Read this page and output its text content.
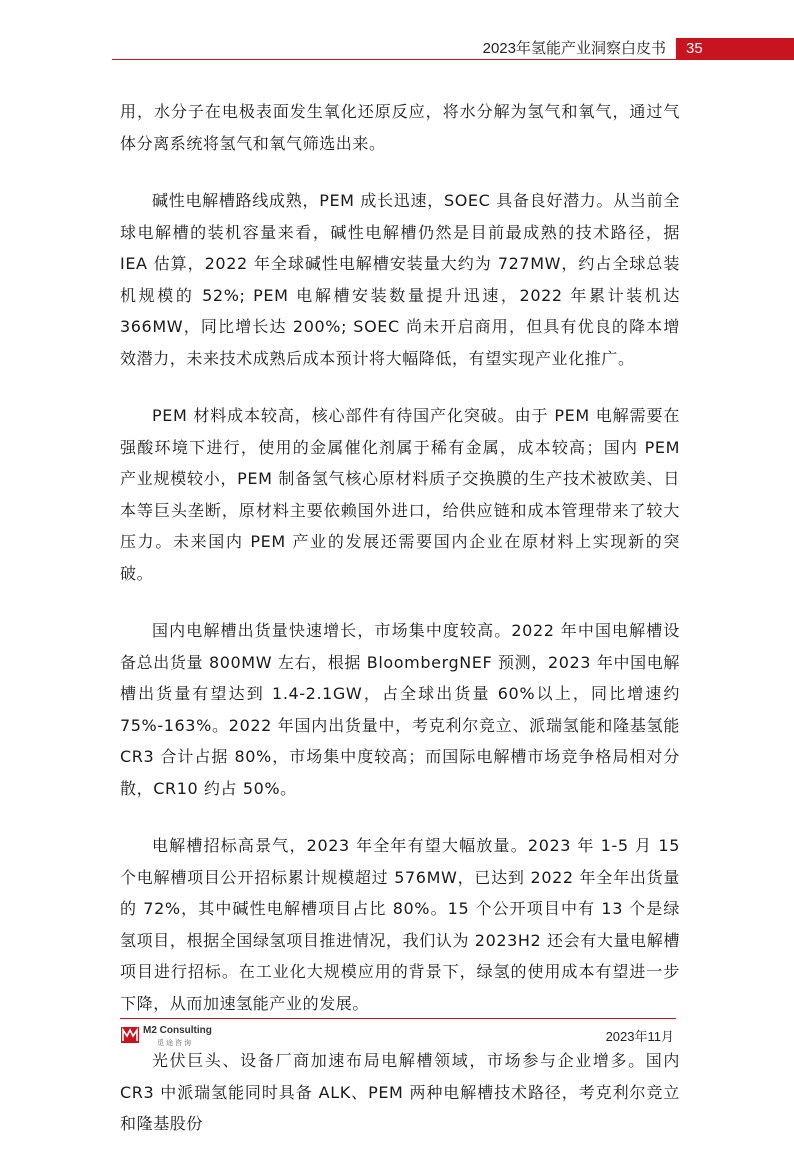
2023年氢能产业洞察白皮书 35

用，水分子在电极表面发生氧化还原反应，将水分解为氢气和氧气，通过气体分离系统将氢气和氧气筛选出来。

碱性电解槽路线成熟，PEM 成长迅速，SOEC 具备良好潜力。从当前全球电解槽的装机容量来看，碱性电解槽仍然是目前最成熟的技术路径，据 IEA 估算，2022 年全球碱性电解槽安装量大约为 727MW，约占全球总装机规模的 52%; PEM 电解槽安装数量提升迅速，2022 年累计装机达 366MW，同比增长达 200%; SOEC 尚未开启商用，但具有优良的降本增效潜力，未来技术成熟后成本预计将大幅降低，有望实现产业化推广。

PEM 材料成本较高，核心部件有待国产化突破。由于 PEM 电解需要在强酸环境下进行，使用的金属催化剂属于稀有金属，成本较高；国内 PEM 产业规模较小，PEM 制备氢气核心原材料质子交换膜的生产技术被欧美、日本等巨头垄断，原材料主要依赖国外进口，给供应链和成本管理带来了较大压力。未来国内 PEM 产业的发展还需要国内企业在原材料上实现新的突破。

国内电解槽出货量快速增长，市场集中度较高。2022 年中国电解槽设备总出货量 800MW 左右，根据 BloombergNEF 预测，2023 年中国电解槽出货量有望达到 1.4-2.1GW，占全球出货量 60%以上，同比增速约 75%-163%。2022 年国内出货量中，考克利尔竞立、派瑞氢能和隆基氢能 CR3 合计占据 80%，市场集中度较高；而国际电解槽市场竞争格局相对分散，CR10 约占 50%。

电解槽招标高景气，2023 年全年有望大幅放量。2023 年 1-5 月 15 个电解槽项目公开招标累计规模超过 576MW，已达到 2022 年全年出货量的 72%，其中碱性电解槽项目占比 80%。15 个公开项目中有 13 个是绿氢项目，根据全国绿氢项目推进情况，我们认为 2023H2 还会有大量电解槽项目进行招标。在工业化大规模应用的背景下，绿氢的使用成本有望进一步下降，从而加速氢能产业的发展。

光伏巨头、设备厂商加速布局电解槽领域，市场参与企业增多。国内 CR3 中派瑞氢能同时具备 ALK、PEM 两种电解槽技术路径，考克利尔竞立和隆基股份

M2 Consulting
觅途咨询	2023年11月
